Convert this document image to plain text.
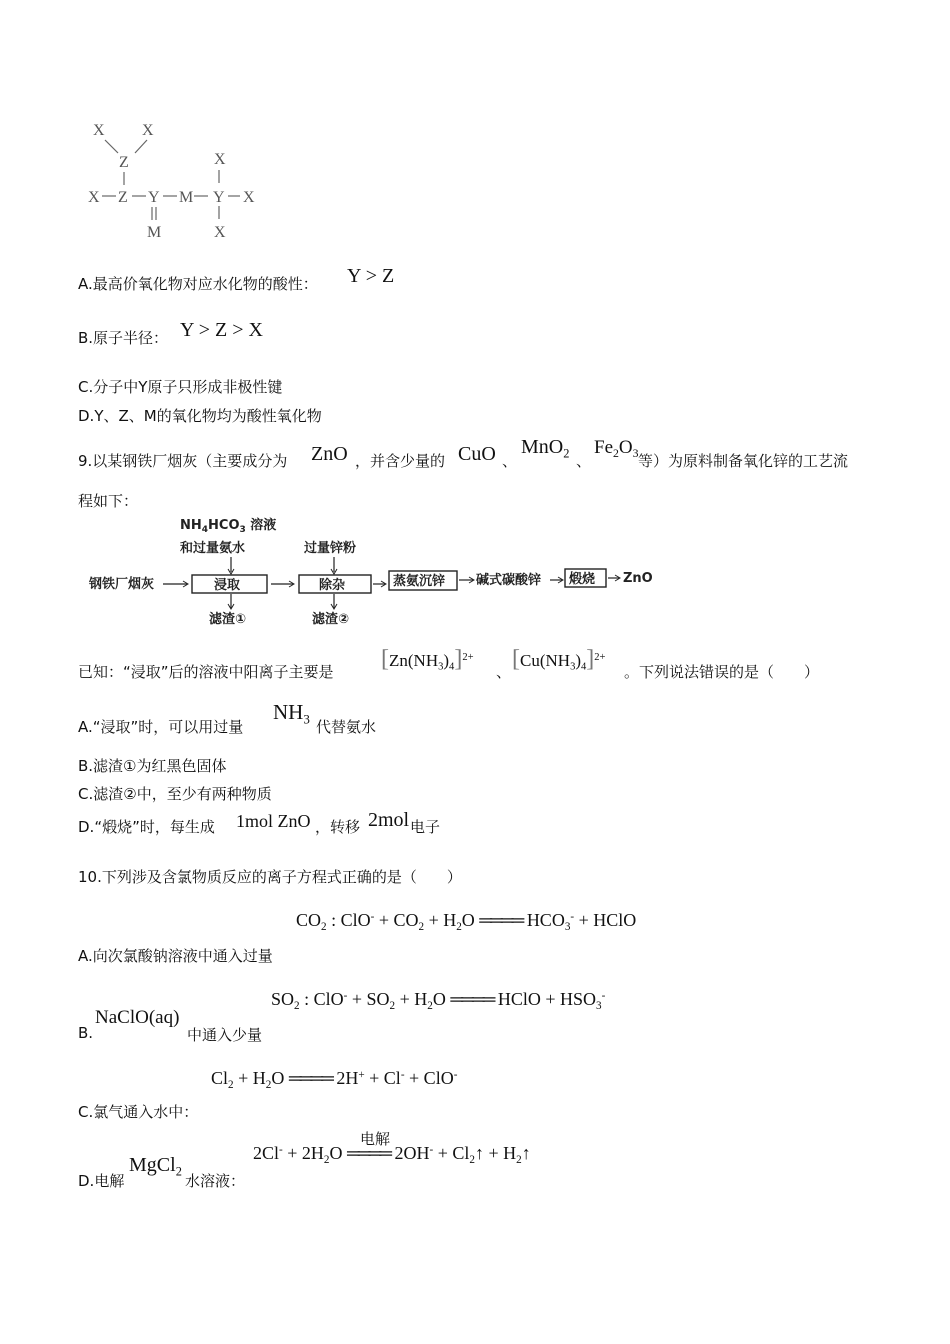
X X
Z
X Z Y M Y
X
X
X
M
A.最高价氧化物对应水化物的酸性： Y > Z
B.原子半径： Y > Z > X
C.分子中Y原子只形成非极性键
D.Y、Z、M的氧化物均为酸性氧化物
9.以某钢铁厂烟灰（主要成分为 ZnO ，并含少量的 CuO 、
MnO$_2$ 、
$Fe_2O_3$ 等）为原料制备氧化锌的工艺流
程如下：
$NH_4HCO_3$ 溶液
和过量氨水	过量锌粉
钢铁厂烟灰	浸取	除杂	蒸氨沉锌 碱式碳酸锌 煅烧 ZnO
滤渣①	滤渣②
已知：“浸取”后的溶液中阳离子主要是 $[Zn(NH_3)_4]^{2+}$
、 $[Cu(NH_3)_4]^{2+}$
。下列说法错误的是（　　）
A.“浸取”时，可以用过量
$NH_3$ 代替氨水
B.滤渣①为红黑色固体
C.滤渣②中，至少有两种物质
D.“煅烧”时，每生成 1mol ZnO ，转移 2mol 电子
10.下列涉及含氯物质反应的离子方程式正确的是（　　）
$CO_2$ : $ClO^- + CO_2 + H_2O$ ════ $HCO_3^-$ + HClO
A.向次氯酸钠溶液中通入过量
$SO_2$ : $ClO^- + SO_2 + H_2O$ ════ HClO + $HSO_3^-$
B.
NaClO(aq)
中通入少量
$Cl_2 + H_2O$ ════ 2H+ + Cl- + ClO-
C.氯气通入水中：
电解
$2Cl^- + 2H_2O$ ════ $2OH^- + Cl_2↑$ + $H_2↑$
D.电解
MgCl$_2$
水溶液：
